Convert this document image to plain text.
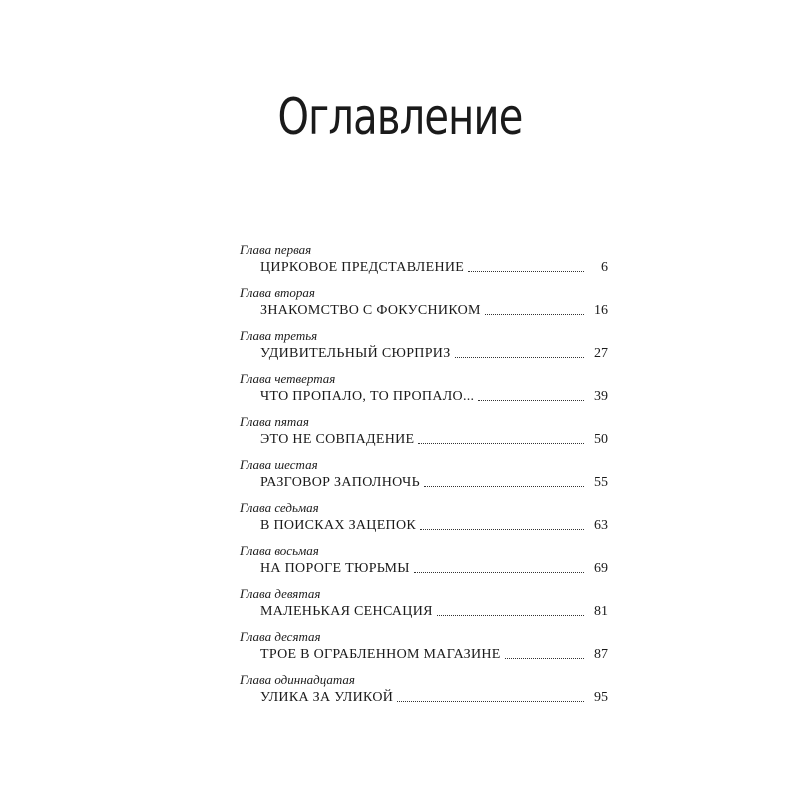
Оглавление
Глава первая
ЦИРКОВОЕ ПРЕДСТАВЛЕНИЕ	6
Глава вторая
ЗНАКОМСТВО С ФОКУСНИКОМ	16
Глава третья
УДИВИТЕЛЬНЫЙ СЮРПРИЗ	27
Глава четвертая
ЧТО ПРОПАЛО, ТО ПРОПАЛО...	39
Глава пятая
ЭТО НЕ СОВПАДЕНИЕ	50
Глава шестая
РАЗГОВОР ЗАПОЛНОЧЬ	55
Глава седьмая
В ПОИСКАХ ЗАЦЕПОК	63
Глава восьмая
НА ПОРОГЕ ТЮРЬМЫ	69
Глава девятая
МАЛЕНЬКАЯ СЕНСАЦИЯ	81
Глава десятая
ТРОЕ В ОГРАБЛЕННОМ МАГАЗИНЕ	87
Глава одиннадцатая
УЛИКА ЗА УЛИКОЙ	95
